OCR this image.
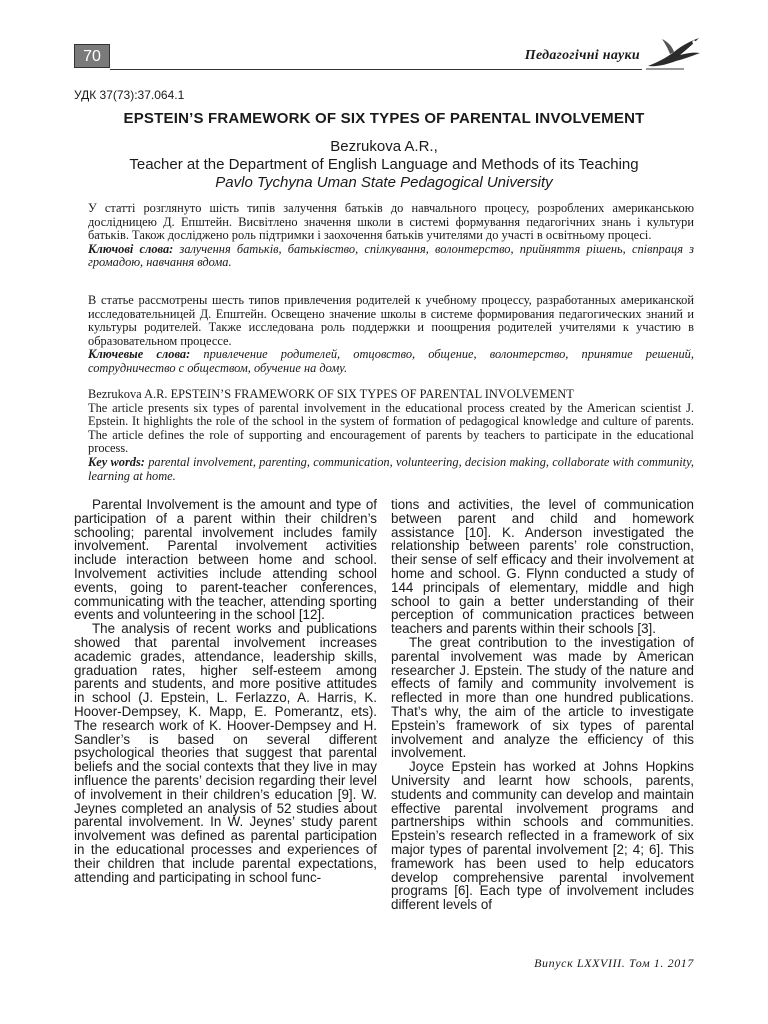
70	Педагогічні науки
УДК 37(73):37.064.1
EPSTEIN’S FRAMEWORK OF SIX TYPES OF PARENTAL INVOLVEMENT
Bezrukova A.R.,
Teacher at the Department of English Language and Methods of its Teaching
Pavlo Tychyna Uman State Pedagogical University

У статті розглянуто шість типів залучення батьків до навчального процесу, розроблених американською дослідницею Д. Епштейн. Висвітлено значення школи в системі формування педагогічних знань і культури батьків. Також досліджено роль підтримки і заохочення батьків учителями до участі в освітньому процесі.

Ключові слова: залучення батьків, батьківство, спілкування, волонтерство, прийняття рішень, співпраця з громадою, навчання вдома.

В статье рассмотрены шесть типов привлечения родителей к учебному процессу, разработанных американской исследовательницей Д. Епштейн. Освещено значение школы в системе формирования педагогических знаний и культуры родителей. Также исследована роль поддержки и поощрения родителей учителями к участию в образовательном процессе.

Ключевые слова: привлечение родителей, отцовство, общение, волонтерство, принятие решений, сотрудничество с обществом, обучение на дому.

Bezrukova A.R. EPSTEIN’S FRAMEWORK OF SIX TYPES OF PARENTAL INVOLVEMENT

The article presents six types of parental involvement in the educational process created by the American scientist J. Epstein. It highlights the role of the school in the system of formation of pedagogical knowledge and culture of parents. The article defines the role of supporting and encouragement of parents by teachers to participate in the educational process.

Key words: parental involvement, parenting, communication, volunteering, decision making, collaborate with community, learning at home.

Parental Involvement is the amount and type of participation of a parent within their children’s schooling; parental involvement includes family involvement. Parental involvement activities include interaction between home and school. Involvement activities include attending school events, going to parent-teacher conferences, communicating with the teacher, attending sporting events and volunteering in the school [12].

The analysis of recent works and publications showed that parental involvement increases academic grades, attendance, leadership skills, graduation rates, higher self-esteem among parents and students, and more positive attitudes in school (J. Epstein, L. Ferlazzo, A. Harris, K. Hoover-Dempsey, K. Mapp, E. Pomerantz, ets). The research work of K. Hoover-Dempsey and H. Sandler’s is based on several different psychological theories that suggest that parental beliefs and the social contexts that they live in may influence the parents’ decision regarding their level of involvement in their children’s education [9]. W. Jeynes completed an analysis of 52 studies about parental involvement. In W. Jeynes’ study parent involvement was defined as parental participation in the educational processes and experiences of their children that include parental expectations, attending and participating in school func-

tions and activities, the level of communication between parent and child and homework assistance [10]. K. Anderson investigated the relationship between parents’ role construction, their sense of self efficacy and their involvement at home and school. G. Flynn conducted a study of 144 principals of elementary, middle and high school to gain a better understanding of their perception of communication practices between teachers and parents within their schools [3].

The great contribution to the investigation of parental involvement was made by American researcher J. Epstein. The study of the nature and effects of family and community involvement is reflected in more than one hundred publications. That’s why, the aim of the article to investigate Epstein’s framework of six types of parental involvement and analyze the efficiency of this involvement.

Joyce Epstein has worked at Johns Hopkins University and learnt how schools, parents, students and community can develop and maintain effective parental involvement programs and partnerships within schools and communities. Epstein’s research reflected in a framework of six major types of parental involvement [2; 4; 6]. This framework has been used to help educators develop comprehensive parental involvement programs [6]. Each type of involvement includes different levels of

Випуск LXXVIII. Том 1. 2017
